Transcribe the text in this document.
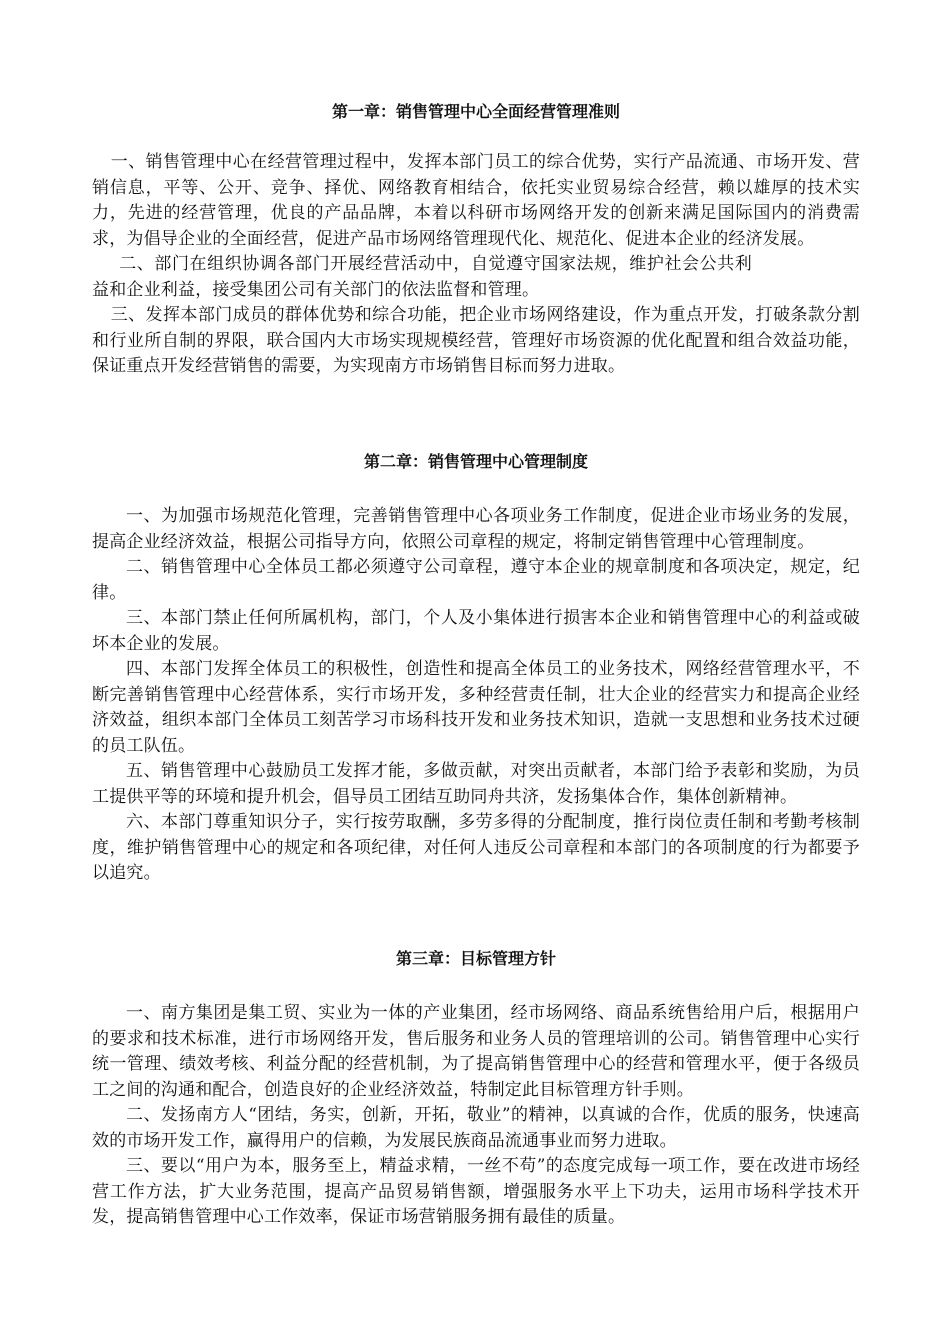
第一章：销售管理中心全面经营管理准则

一、销售管理中心在经营管理过程中，发挥本部门员工的综合优势，实行产品流通、市场开发、营销信息，平等、公开、竞争、择优、网络教育相结合，依托实业贸易综合经营，赖以雄厚的技术实力，先进的经营管理，优良的产品品牌，本着以科研市场网络开发的创新来满足国际国内的消费需求，为倡导企业的全面经营，促进产品市场网络管理现代化、规范化、促进本企业的经济发展。

二、部门在组织协调各部门开展经营活动中，自觉遵守国家法规，维护社会公共利益和企业利益，接受集团公司有关部门的依法监督和管理。

三、发挥本部门成员的群体优势和综合功能，把企业市场网络建设，作为重点开发，打破条款分割和行业所自制的界限，联合国内大市场实现规模经营，管理好市场资源的优化配置和组合效益功能，保证重点开发经营销售的需要，为实现南方市场销售目标而努力进取。

第二章：销售管理中心管理制度

一、为加强市场规范化管理，完善销售管理中心各项业务工作制度，促进企业市场业务的发展，提高企业经济效益，根据公司指导方向，依照公司章程的规定，将制定销售管理中心管理制度。

二、销售管理中心全体员工都必须遵守公司章程，遵守本企业的规章制度和各项决定，规定，纪律。

三、本部门禁止任何所属机构，部门，个人及小集体进行损害本企业和销售管理中心的利益或破坏本企业的发展。

四、本部门发挥全体员工的积极性，创造性和提高全体员工的业务技术，网络经营管理水平，不断完善销售管理中心经营体系，实行市场开发，多种经营责任制，壮大企业的经营实力和提高企业经济效益，组织本部门全体员工刻苦学习市场科技开发和业务技术知识，造就一支思想和业务技术过硬的员工队伍。

五、销售管理中心鼓励员工发挥才能，多做贡献，对突出贡献者，本部门给予表彰和奖励，为员工提供平等的环境和提升机会，倡导员工团结互助同舟共济，发扬集体合作，集体创新精神。

六、本部门尊重知识分子，实行按劳取酬，多劳多得的分配制度，推行岗位责任制和考勤考核制度，维护销售管理中心的规定和各项纪律，对任何人违反公司章程和本部门的各项制度的行为都要予以追究。

第三章：目标管理方针

一、南方集团是集工贸、实业为一体的产业集团，经市场网络、商品系统售给用户后，根据用户的要求和技术标准，进行市场网络开发，售后服务和业务人员的管理培训的公司。销售管理中心实行统一管理、绩效考核、利益分配的经营机制，为了提高销售管理中心的经营和管理水平，便于各级员工之间的沟通和配合，创造良好的企业经济效益，特制定此目标管理方针手则。

二、发扬南方人“团结，务实，创新，开拓，敬业”的精神，以真诚的合作，优质的服务，快速高效的市场开发工作，赢得用户的信赖，为发展民族商品流通事业而努力进取。

三、要以“用户为本，服务至上，精益求精，一丝不苟”的态度完成每一项工作，要在改进市场经营工作方法，扩大业务范围，提高产品贸易销售额，增强服务水平上下功夫，运用市场科学技术开发，提高销售管理中心工作效率，保证市场营销服务拥有最佳的质量。
